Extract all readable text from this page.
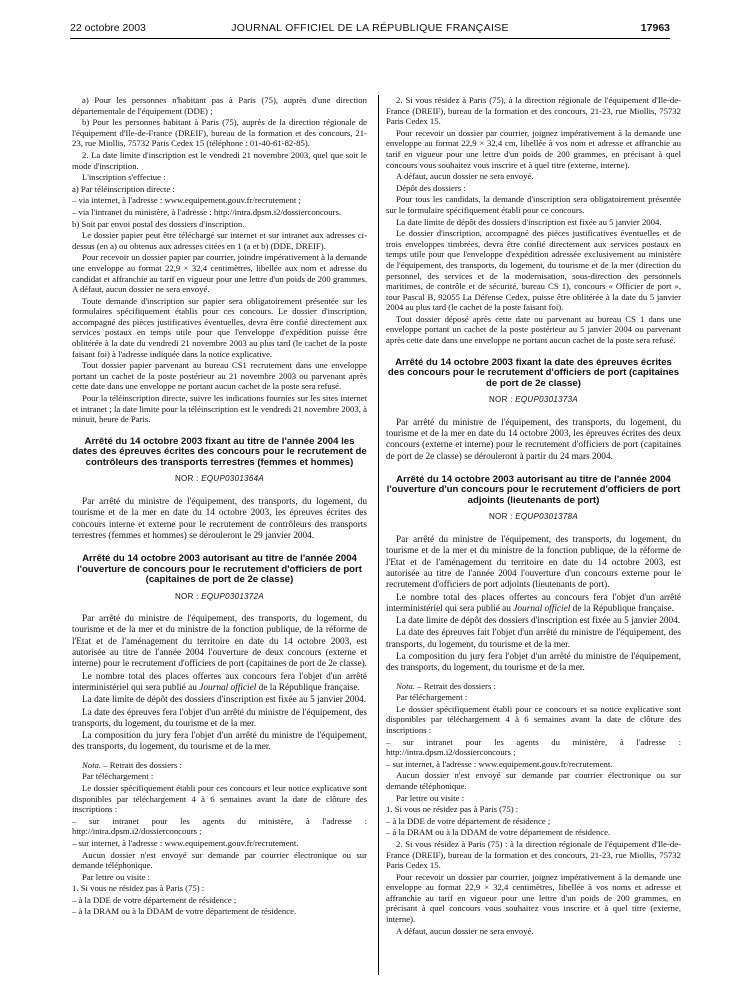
22 octobre 2003	JOURNAL OFFICIEL DE LA RÉPUBLIQUE FRANÇAISE	17963

a) Pour les personnes n'habitant pas à Paris (75), auprès d'une direction départementale de l'équipement (DDE) ;

b) Pour les personnes habitant à Paris (75), auprès de la direction régionale de l'équipement d'Ile-de-France (DREIF), bureau de la formation et des concours, 21-23, rue Miollis, 75732 Paris Cedex 15 (téléphone : 01-40-61-82-85).

2. La date limite d'inscription est le vendredi 21 novembre 2003, quel que soit le mode d'inscription.

L'inscription s'effectue :

a) Par téléinscription directe :

– via internet, à l'adresse : www.equipement.gouv.fr/recrutement ;

– via l'intranet du ministère, à l'adresse : http://intra.dpsm.i2/dossierconcours.

b) Soit par envoi postal des dossiers d'inscription.

Le dossier papier peut être téléchargé sur internet et sur intranet aux adresses ci-dessus (en a) ou obtenus aux adresses citées en 1 (a et b) (DDE, DREIF).

Pour recevoir un dossier papier par courrier, joindre impérativement à la demande une enveloppe au format 22,9 × 32,4 centimètres, libellée aux nom et adresse du candidat et affranchie au tarif en vigueur pour une lettre d'un poids de 200 grammes. A défaut, aucun dossier ne sera envoyé.

Toute demande d'inscription sur papier sera obligatoirement présentée sur les formulaires spécifiquement établis pour ces concours. Le dossier d'inscription, accompagné des pièces justificatives éventuelles, devra être confié directement aux services postaux en temps utile pour que l'enveloppe d'expédition puisse être oblitérée à la date du vendredi 21 novembre 2003 au plus tard (le cachet de la poste faisant foi) à l'adresse indiquée dans la notice explicative.

Tout dossier papier parvenant au bureau CS1 recrutement dans une enveloppe portant un cachet de la poste postérieur au 21 novembre 2003 ou parvenant après cette date dans une enveloppe ne portant aucun cachet de la poste sera refusé.

Pour la téléinscription directe, suivre les indications fournies sur les sites internet et intranet ; la date limite pour la téléinscription est le vendredi 21 novembre 2003, à minuit, heure de Paris.

Arrêté du 14 octobre 2003 fixant au titre de l'année 2004 les dates des épreuves écrites des concours pour le recrutement de contrôleurs des transports terrestres (femmes et hommes)
NOR : EQUP0301364A

Par arrêté du ministre de l'équipement, des transports, du logement, du tourisme et de la mer en date du 14 octobre 2003, les épreuves écrites des concours interne et externe pour le recrutement de contrôleurs des transports terrestres (femmes et hommes) se dérouleront le 29 janvier 2004.

Arrêté du 14 octobre 2003 autorisant au titre de l'année 2004 l'ouverture de concours pour le recrutement d'officiers de port (capitaines de port de 2e classe)
NOR : EQUP0301372A

Par arrêté du ministre de l'équipement, des transports, du logement, du tourisme et de la mer et du ministre de la fonction publique, de la réforme de l'Etat et de l'aménagement du territoire en date du 14 octobre 2003, est autorisée au titre de l'année 2004 l'ouverture de deux concours (externe et interne) pour le recrutement d'officiers de port (capitaines de port de 2e classe).

Le nombre total des places offertes aux concours fera l'objet d'un arrêté interministériel qui sera publié au Journal officiel de la République française.

La date limite de dépôt des dossiers d'inscription est fixée au 5 janvier 2004.

La date des épreuves fera l'objet d'un arrêté du ministre de l'équipement, des transports, du logement, du tourisme et de la mer.

La composition du jury fera l'objet d'un arrêté du ministre de l'équipement, des transports, du logement, du tourisme et de la mer.

Nota. – Retrait des dossiers :

Par téléchargement :

Le dossier spécifiquement établi pour ces concours et leur notice explicative sont disponibles par téléchargement 4 à 6 semaines avant la date de clôture des inscriptions :

– sur intranet pour les agents du ministère, à l'adresse : http://intra.dpsm.i2/dossierconcours ;

– sur internet, à l'adresse : www.equipement.gouv.fr/recrutement.

Aucun dossier n'est envoyé sur demande par courrier électronique ou sur demande téléphonique.

Par lettre ou visite :

1. Si vous ne résidez pas à Paris (75) :

– à la DDE de votre département de résidence ;

– à la DRAM ou à la DDAM de votre département de résidence.

2. Si vous résidez à Paris (75), à la direction régionale de l'équipement d'Ile-de-France (DREIF), bureau de la formation et des concours, 21-23, rue Miollis, 75732 Paris Cedex 15.

Pour recevoir un dossier par courrier, joignez impérativement à la demande une enveloppe au format 22,9 × 32,4 cm, libellée à vos nom et adresse et affranchie au tarif en vigueur pour une lettre d'un poids de 200 grammes, en précisant à quel concours vous souhaitez vous inscrire et à quel titre (externe, interne).

A défaut, aucun dossier ne sera envoyé.

Dépôt des dossiers :

Pour tous les candidats, la demande d'inscription sera obligatoirement présentée sur le formulaire spécifiquement établi pour ce concours.

La date limite de dépôt des dossiers d'inscription est fixée au 5 janvier 2004.

Le dossier d'inscription, accompagné des pièces justificatives éventuelles et de trois enveloppes timbrées, devra être confié directement aux services postaux en temps utile pour que l'enveloppe d'expédition adressée exclusivement au ministère de l'équipement, des transports, du logement, du tourisme et de la mer (direction du personnel, des services et de la modernisation, sous-direction des personnels maritimes, de contrôle et de sécurité, bureau CS 1), concours « Officier de port », tour Pascal B, 92055 La Défense Cedex, puisse être oblitérée à la date du 5 janvier 2004 au plus tard (le cachet de la poste faisant foi).

Tout dossier déposé après cette date ou parvenant au bureau CS 1 dans une enveloppe portant un cachet de la poste postérieur au 5 janvier 2004 ou parvenant après cette date dans une enveloppe ne portant aucun cachet de la poste sera refusé.

Arrêté du 14 octobre 2003 fixant la date des épreuves écrites des concours pour le recrutement d'officiers de port (capitaines de port de 2e classe)
NOR : EQUP0301373A

Par arrêté du ministre de l'équipement, des transports, du logement, du tourisme et de la mer en date du 14 octobre 2003, les épreuves écrites des deux concours (externe et interne) pour le recrutement d'officiers de port (capitaines de port de 2e classe) se dérouleront à partir du 24 mars 2004.

Arrêté du 14 octobre 2003 autorisant au titre de l'année 2004 l'ouverture d'un concours pour le recrutement d'officiers de port adjoints (lieutenants de port)
NOR : EQUP0301378A

Par arrêté du ministre de l'équipement, des transports, du logement, du tourisme et de la mer et du ministre de la fonction publique, de la réforme de l'Etat et de l'aménagement du territoire en date du 14 octobre 2003, est autorisée au titre de l'année 2004 l'ouverture d'un concours externe pour le recrutement d'officiers de port adjoints (lieutenants de port).

Le nombre total des places offertes au concours fera l'objet d'un arrêté interministériel qui sera publié au Journal officiel de la République française.

La date limite de dépôt des dossiers d'inscription est fixée au 5 janvier 2004.

La date des épreuves fait l'objet d'un arrêté du ministre de l'équipement, des transports, du logement, du tourisme et de la mer.

La composition du jury fera l'objet d'un arrêté du ministre de l'équipement, des transports, du logement, du tourisme et de la mer.

Nota. – Retrait des dossiers :

Par téléchargement :

Le dossier spécifiquement établi pour ce concours et sa notice explicative sont disponibles par téléchargement 4 à 6 semaines avant la date de clôture des inscriptions :

– sur intranet pour les agents du ministère, à l'adresse : http://intra.dpsm.i2/dossierconcours ;

– sur internet, à l'adresse : www.equipement.gouv.fr/recrutement.

Aucun dossier n'est envoyé sur demande par courrier électronique ou sur demande téléphonique.

Par lettre ou visite :

1. Si vous ne résidez pas à Paris (75) :

– à la DDE de votre département de résidence ;

– à la DRAM ou à la DDAM de votre département de résidence.

2. Si vous résidez à Paris (75) : à la direction régionale de l'équipement d'Ile-de-France (DREIF), bureau de la formation et des concours, 21-23, rue Miollis, 75732 Paris Cedex 15.

Pour recevoir un dossier par courrier, joignez impérativement à la demande une enveloppe au format 22,9 × 32,4 centimètres, libellée à vos noms et adresse et affranchie au tarif en vigueur pour une lettre d'un poids de 200 grammes, en précisant à quel concours vous souhaitez vous inscrire et à quel titre (externe, interne).

A défaut, aucun dossier ne sera envoyé.
